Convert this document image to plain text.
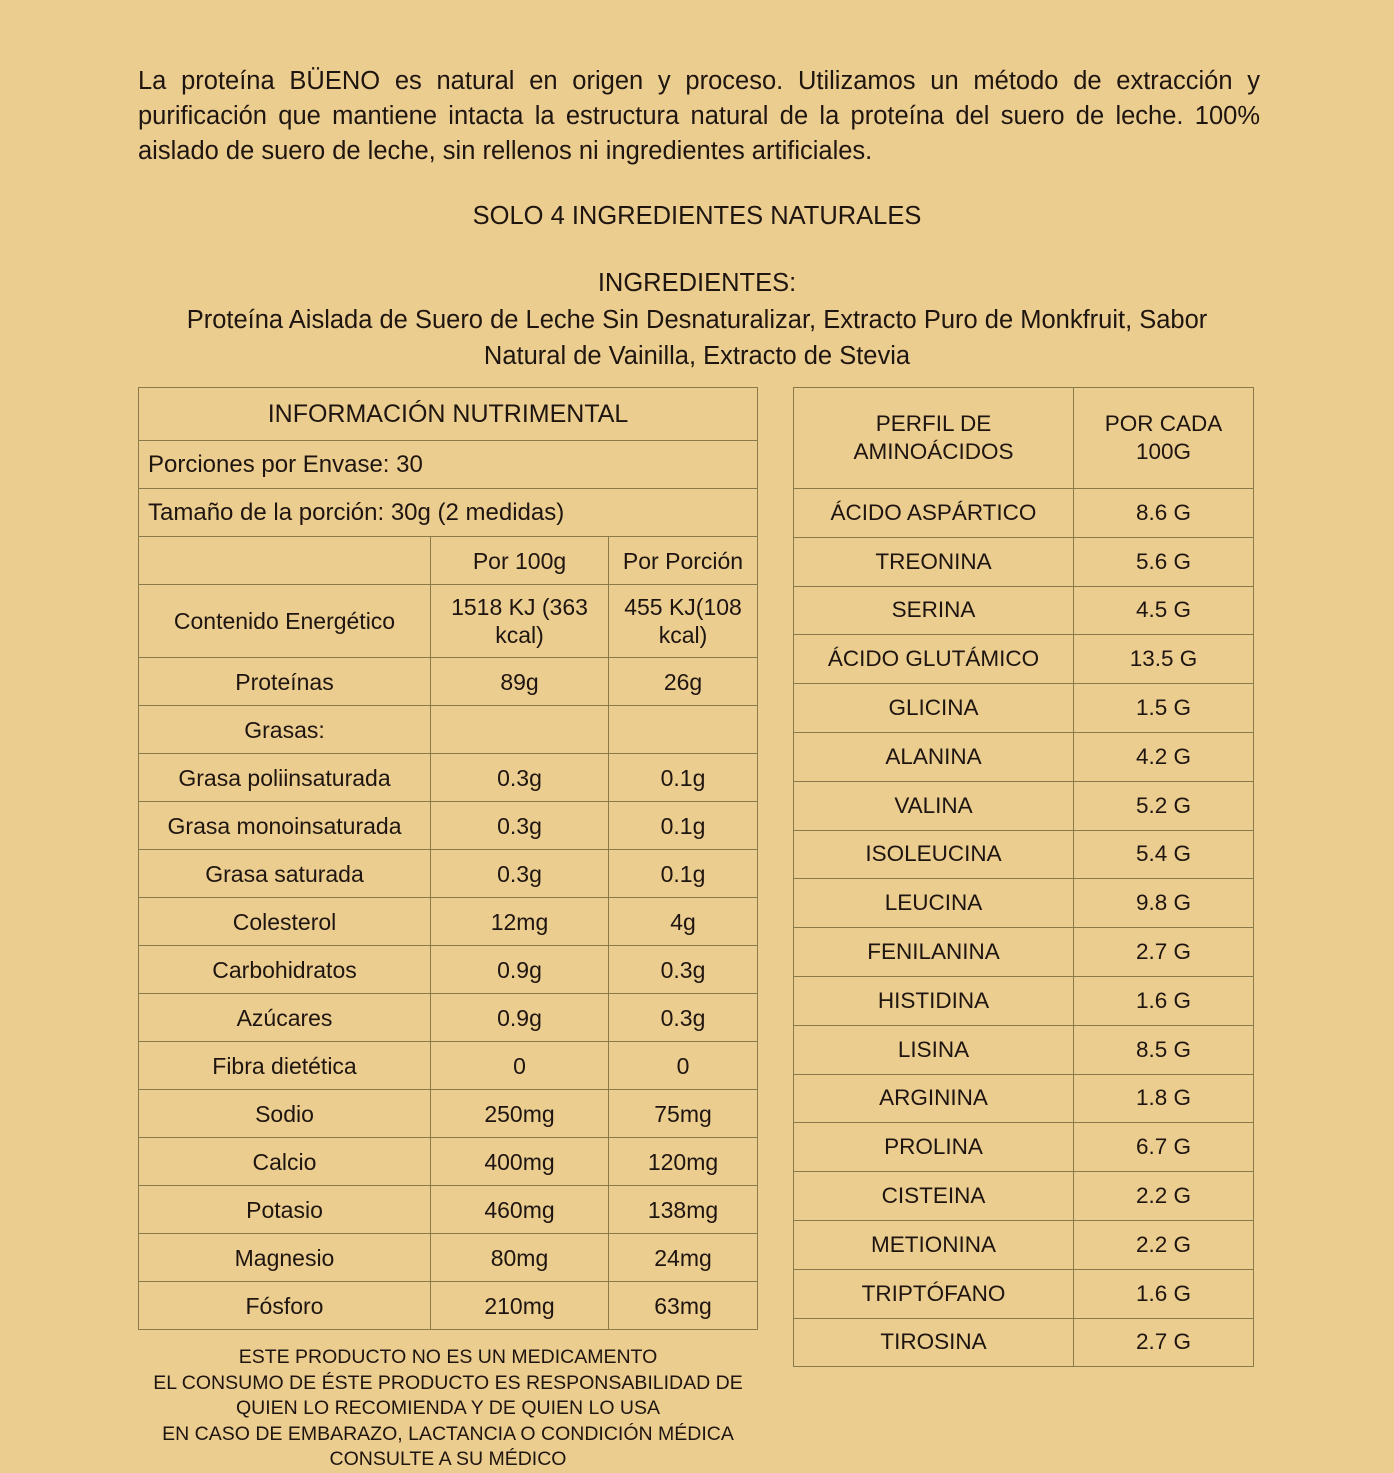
La proteína BÜENO es natural en origen y proceso. Utilizamos un método de extracción y purificación que mantiene intacta la estructura natural de la proteína del suero de leche. 100% aislado de suero de leche, sin rellenos ni ingredientes artificiales.
SOLO 4 INGREDIENTES NATURALES
INGREDIENTES:
Proteína Aislada de Suero de Leche Sin Desnaturalizar, Extracto Puro de Monkfruit, Sabor Natural de Vainilla, Extracto de Stevia
INFORMACIÓN NUTRIMENTAL		
Porciones por Envase: 30		
Tamaño de la porción: 30g (2 medidas)		
	Por 100g	Por Porción
Contenido Energético	1518 KJ (363 kcal)	455 KJ(108 kcal)
Proteínas	89g	26g
Grasas:		
Grasa poliinsaturada	0.3g	0.1g
Grasa monoinsaturada	0.3g	0.1g
Grasa saturada	0.3g	0.1g
Colesterol	12mg	4g
Carbohidratos	0.9g	0.3g
Azúcares	0.9g	0.3g
Fibra dietética	0	0
Sodio	250mg	75mg
Calcio	400mg	120mg
Potasio	460mg	138mg
Magnesio	80mg	24mg
Fósforo	210mg	63mg
PERFIL DE AMINOÁCIDOS	POR CADA 100G
ÁCIDO ASPÁRTICO	8.6 G
TREONINA	5.6 G
SERINA	4.5 G
ÁCIDO GLUTÁMICO	13.5 G
GLICINA	1.5 G
ALANINA	4.2 G
VALINA	5.2 G
ISOLEUCINA	5.4 G
LEUCINA	9.8 G
FENILANINA	2.7 G
HISTIDINA	1.6 G
LISINA	8.5 G
ARGININA	1.8 G
PROLINA	6.7 G
CISTEINA	2.2 G
METIONINA	2.2 G
TRIPTÓFANO	1.6 G
TIROSINA	2.7 G
ESTE PRODUCTO NO ES UN MEDICAMENTO
EL CONSUMO DE ÉSTE PRODUCTO ES RESPONSABILIDAD DE QUIEN LO RECOMIENDA Y DE QUIEN LO USA
EN CASO DE EMBARAZO, LACTANCIA O CONDICIÓN MÉDICA CONSULTE A SU MÉDICO
